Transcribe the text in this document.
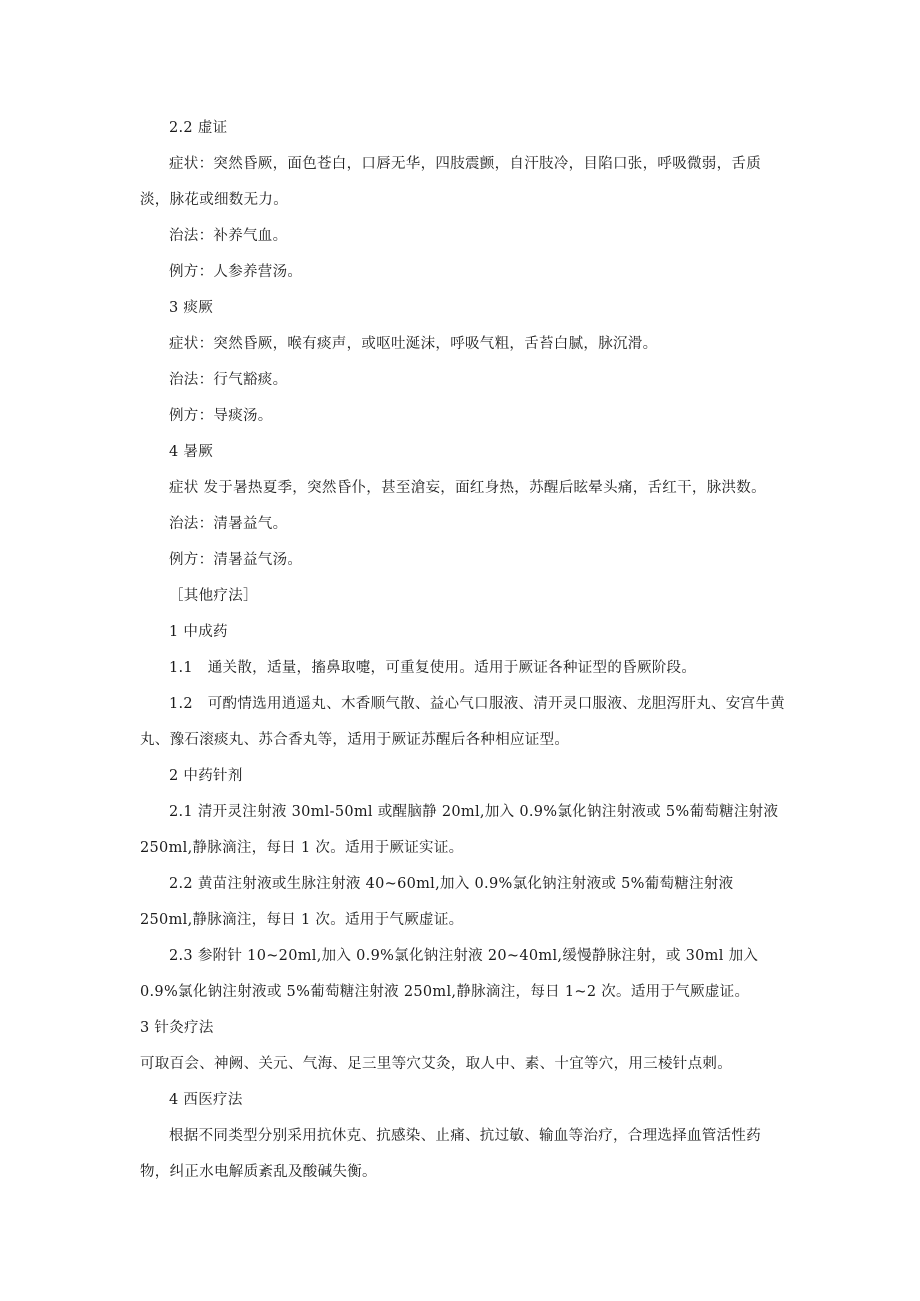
2.2 虚证
症状：突然昏厥，面色苍白，口唇无华，四肢震颤，自汗肢冷，目陷口张，呼吸微弱，舌质淡，脉花或细数无力。
治法：补养气血。
例方：人参养营汤。
3 痰厥
症状：突然昏厥，喉有痰声，或呕吐涎沫，呼吸气粗，舌苔白腻，脉沉滑。
治法：行气豁痰。
例方：导痰汤。
4 暑厥
症状 发于暑热夏季，突然昏仆，甚至滄妄，面红身热，苏醒后眩晕头痛，舌红干，脉洪数。
治法：清暑益气。
例方：清暑益气汤。
［其他疗法］
1 中成药
1.1　通关散，适量，搐鼻取嚏，可重复使用。适用于厥证各种证型的昏厥阶段。
1.2　可酌情选用逍遥丸、木香顺气散、益心气口服液、清开灵口服液、龙胆泻肝丸、安宫牛黄丸、豫石滚痰丸、苏合香丸等，适用于厥证苏醒后各种相应证型。
2 中药针剂
2.1 清开灵注射液 30ml-50ml 或醒脑静 20ml,加入 0.9%氯化钠注射液或 5%葡萄糖注射液 250ml,静脉滴注，每日 1 次。适用于厥证实证。
2.2 黄苗注射液或生脉注射液 40~60ml,加入 0.9%氯化钠注射液或 5%葡萄糖注射液 250ml,静脉滴注，每日 1 次。适用于气厥虚证。
2.3 参附针 10~20ml,加入 0.9%氯化钠注射液 20~40ml,缓慢静脉注射，或 30ml 加入 0.9%氯化钠注射液或 5%葡萄糖注射液 250ml,静脉滴注，每日 1~2 次。适用于气厥虚证。
3 针灸疗法
可取百会、神阙、关元、气海、足三里等穴艾灸，取人中、素、十宜等穴，用三棱针点刺。
4 西医疗法
根据不同类型分别采用抗休克、抗感染、止痛、抗过敏、输血等治疗，合理选择血管活性药物，纠正水电解质紊乱及酸碱失衡。
